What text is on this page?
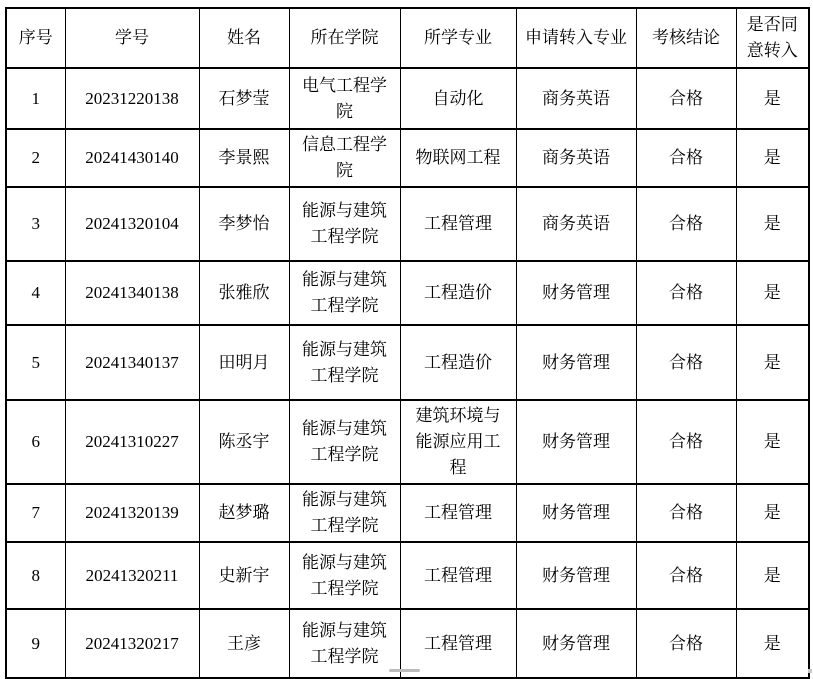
序号	学号	姓名	所在学院	所学专业	申请转入专业	考核结论	是否同意转入
1	20231220138	石梦莹	电气工程学院	自动化	商务英语	合格	是
2	20241430140	李景熙	信息工程学院	物联网工程	商务英语	合格	是
3	20241320104	李梦怡	能源与建筑工程学院	工程管理	商务英语	合格	是
4	20241340138	张雅欣	能源与建筑工程学院	工程造价	财务管理	合格	是
5	20241340137	田明月	能源与建筑工程学院	工程造价	财务管理	合格	是
6	20241310227	陈丞宇	能源与建筑工程学院	建筑环境与能源应用工程	财务管理	合格	是
7	20241320139	赵梦璐	能源与建筑工程学院	工程管理	财务管理	合格	是
8	20241320211	史新宇	能源与建筑工程学院	工程管理	财务管理	合格	是
9	20241320217	王彦	能源与建筑工程学院	工程管理	财务管理	合格	是
